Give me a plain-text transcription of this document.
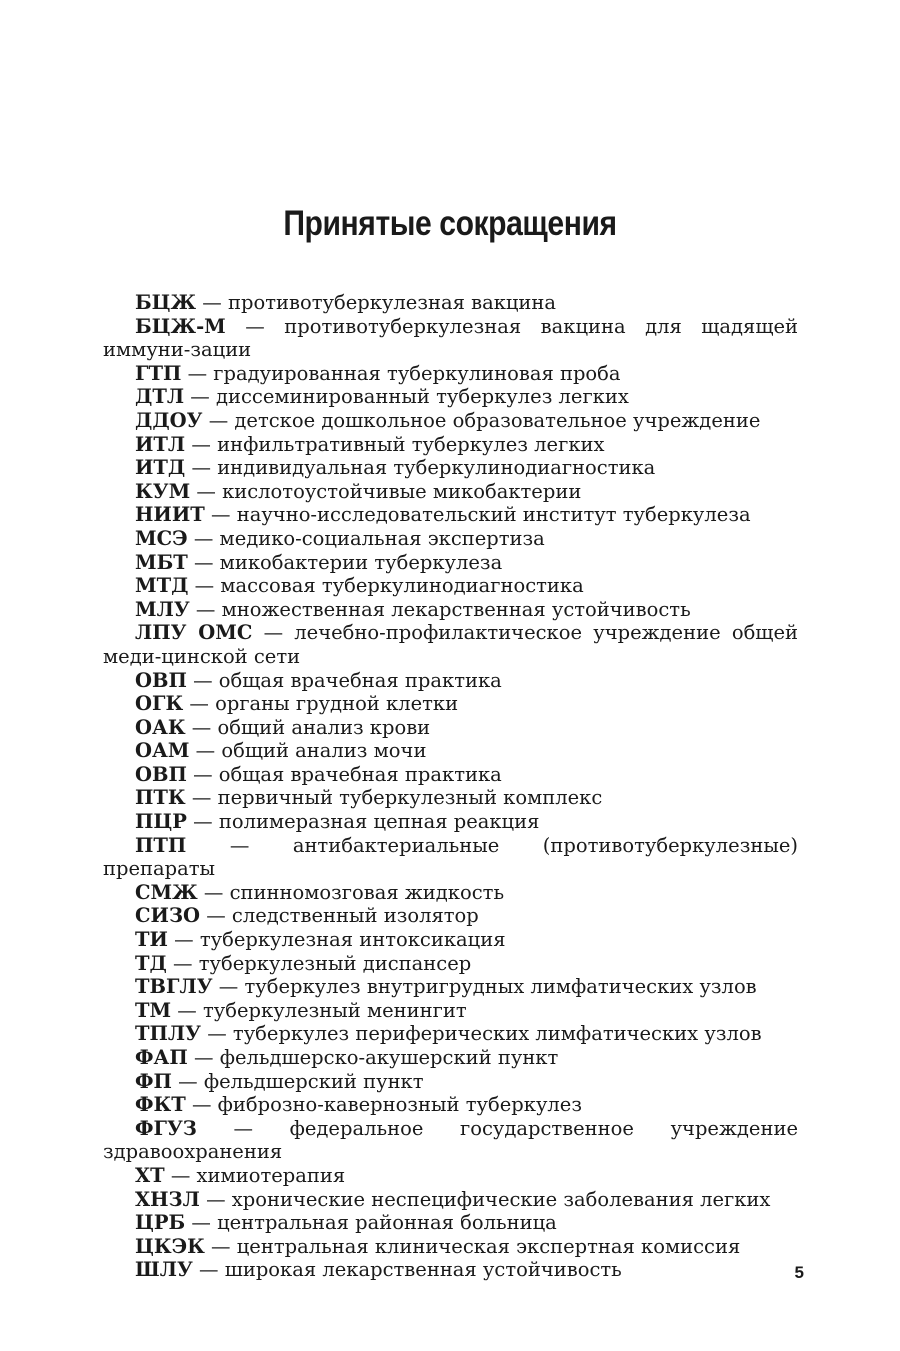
Принятые сокращения
БЦЖ — противотуберкулезная вакцина
БЦЖ-М — противотуберкулезная вакцина для щадящей иммуни-зации
ГТП — градуированная туберкулиновая проба
ДТЛ — диссеминированный туберкулез легких
ДДОУ — детское дошкольное образовательное учреждение
ИТЛ — инфильтративный туберкулез легких
ИТД — индивидуальная туберкулинодиагностика
КУМ — кислотоустойчивые микобактерии
НИИТ — научно-исследовательский институт туберкулеза
МСЭ — медико-социальная экспертиза
МБТ — микобактерии туберкулеза
МТД — массовая туберкулинодиагностика
МЛУ — множественная лекарственная устойчивость
ЛПУ ОМС — лечебно-профилактическое учреждение общей меди-цинской сети
ОВП — общая врачебная практика
ОГК — органы грудной клетки
ОАК — общий анализ крови
ОАМ — общий анализ мочи
ОВП — общая врачебная практика
ПТК — первичный туберкулезный комплекс
ПЦР — полимеразная цепная реакция
ПТП — антибактериальные (противотуберкулезные) препараты
СМЖ — спинномозговая жидкость
СИЗО — следственный изолятор
ТИ — туберкулезная интоксикация
ТД — туберкулезный диспансер
ТВГЛУ — туберкулез внутригрудных лимфатических узлов
ТМ — туберкулезный менингит
ТПЛУ — туберкулез периферических лимфатических узлов
ФАП — фельдшерско-акушерский пункт
ФП — фельдшерский пункт
ФКТ — фиброзно-кавернозный туберкулез
ФГУЗ — федеральное государственное учреждение здравоохранения
ХТ — химиотерапия
ХНЗЛ — хронические неспецифические заболевания легких
ЦРБ — центральная районная больница
ЦКЭК — центральная клиническая экспертная комиссия
ШЛУ — широкая лекарственная устойчивость	5
